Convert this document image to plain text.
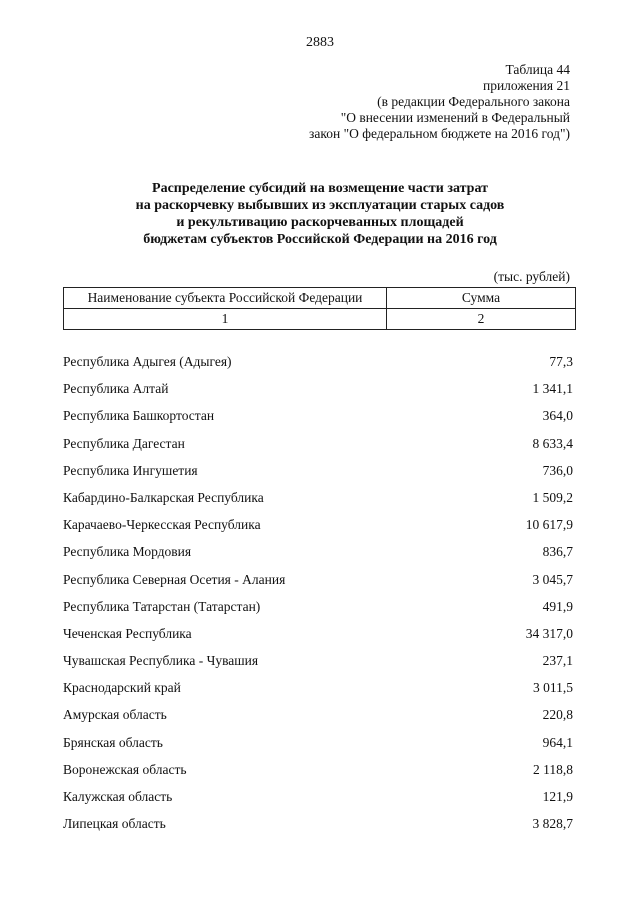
2883
Таблица 44
приложения 21
(в редакции Федерального закона
"О внесении изменений в Федеральный
закон "О федеральном бюджете на 2016 год")
Распределение субсидий на возмещение части затрат
на раскорчевку выбывших из эксплуатации старых садов
и рекультивацию раскорчеванных площадей
бюджетам субъектов Российской Федерации на 2016 год
(тыс. рублей)
Наименование субъекта Российской Федерации	Сумма
1	2
Республика Адыгея (Адыгея)	77,3
Республика Алтай	1 341,1
Республика Башкортостан	364,0
Республика Дагестан	8 633,4
Республика Ингушетия	736,0
Кабардино-Балкарская Республика	1 509,2
Карачаево-Черкесская Республика	10 617,9
Республика Мордовия	836,7
Республика Северная Осетия - Алания	3 045,7
Республика Татарстан (Татарстан)	491,9
Чеченская Республика	34 317,0
Чувашская Республика - Чувашия	237,1
Краснодарский край	3 011,5
Амурская область	220,8
Брянская область	964,1
Воронежская область	2 118,8
Калужская область	121,9
Липецкая область	3 828,7
